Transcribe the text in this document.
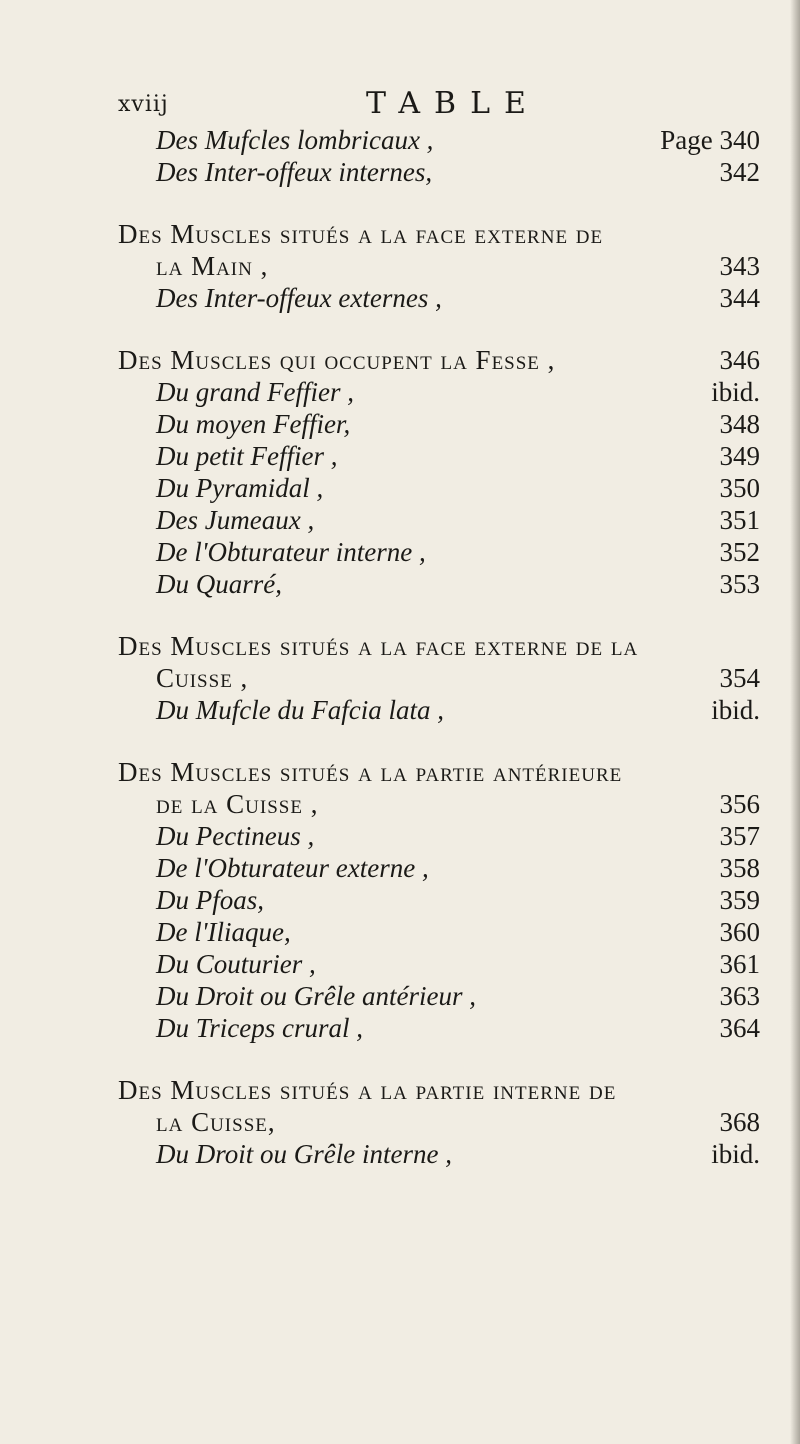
xviij	TABLE
Des Mufcles lombricaux ,	Page 340
Des Inter-offeux internes,	342
Des Muscles situés a la face externe de
la Main ,	343
Des Inter-offeux externes ,	344
Des Muscles qui occupent la Fesse ,	346
Du grand Feffier ,	ibid.
Du moyen Feffier,	348
Du petit Feffier ,	349
Du Pyramidal ,	350
Des Jumeaux ,	351
De l'Obturateur interne ,	352
Du Quarré,	353
Des Muscles situés a la face externe de la
Cuisse ,	354
Du Mufcle du Fafcia lata ,	ibid.
Des Muscles situés a la partie antérieure
de la Cuisse ,	356
Du Pectineus ,	357
De l'Obturateur externe ,	358
Du Pfoas,	359
De l'Iliaque,	360
Du Couturier ,	361
Du Droit ou Grêle antérieur ,	363
Du Triceps crural ,	364
Des Muscles situés a la partie interne de
la Cuisse,	368
Du Droit ou Grêle interne ,	ibid.
